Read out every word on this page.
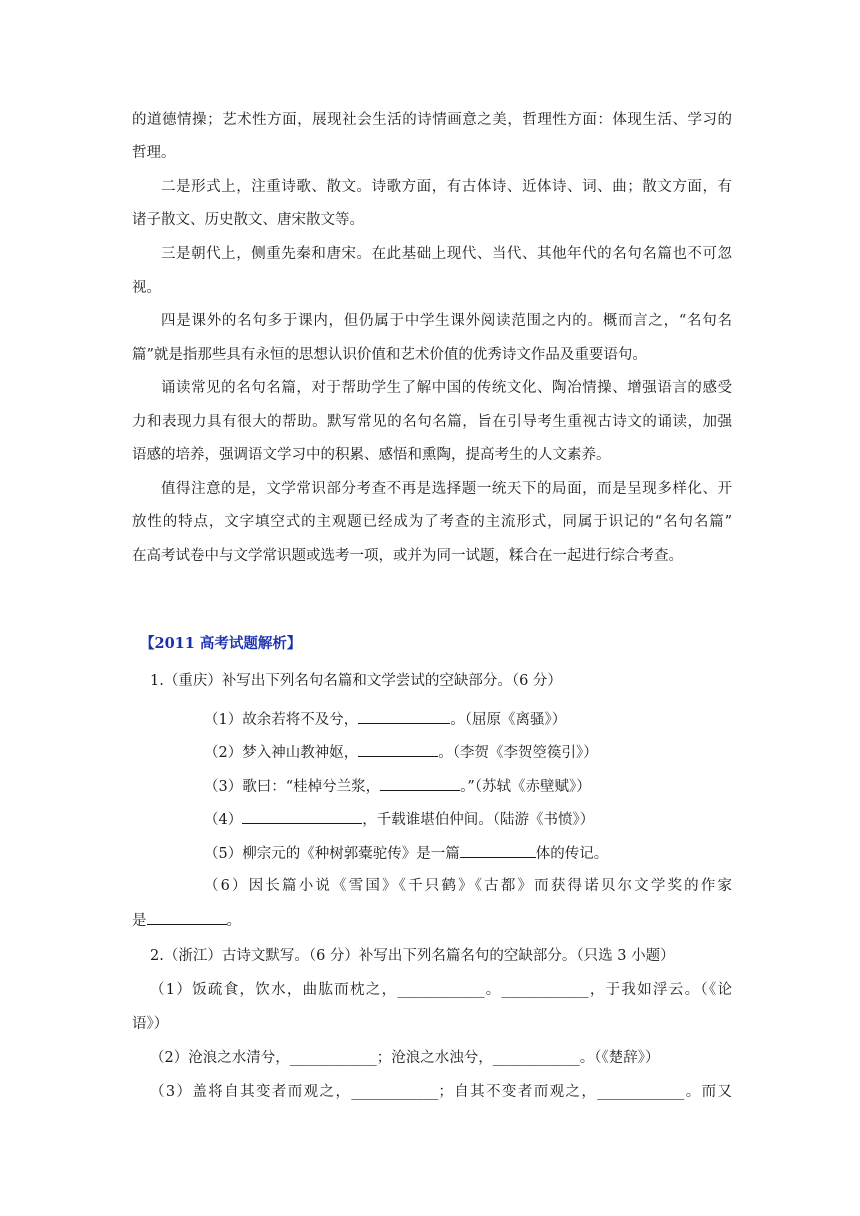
的道德情操；艺术性方面，展现社会生活的诗情画意之美，哲理性方面：体现生活、学习的
哲理。
二是形式上，注重诗歌、散文。诗歌方面，有古体诗、近体诗、词、曲；散文方面，有
诸子散文、历史散文、唐宋散文等。
三是朝代上，侧重先秦和唐宋。在此基础上现代、当代、其他年代的名句名篇也不可忽
视。
四是课外的名句多于课内，但仍属于中学生课外阅读范围之内的。概而言之，“名句名
篇”就是指那些具有永恒的思想认识价值和艺术价值的优秀诗文作品及重要语句。
诵读常见的名句名篇，对于帮助学生了解中国的传统文化、陶冶情操、增强语言的感受
力和表现力具有很大的帮助。默写常见的名句名篇，旨在引导考生重视古诗文的诵读，加强
语感的培养，强调语文学习中的积累、感悟和熏陶，提高考生的人文素养。
值得注意的是，文学常识部分考查不再是选择题一统天下的局面，而是呈现多样化、开
放性的特点，文字填空式的主观题已经成为了考查的主流形式，同属于识记的“名句名篇”
在高考试卷中与文学常识题或选考一项，或并为同一试题，糅合在一起进行综合考查。
【2011 高考试题解析】
1.（重庆）补写出下列名句名篇和文学尝试的空缺部分。（6 分）
（1）故余若将不及兮，	。（屈原《离骚》）
（2）梦入神山教神妪，	。（李贺《李贺箜篌引》）
（3）歌曰：“桂棹兮兰浆，	。”（苏轼《赤壁赋》）
（4）	，千载谁堪伯仲间。（陆游《书愤》）
（5）柳宗元的《种树郭橐驼传》是一篇	体的传记。
（6）因长篇小说《雪国》《千只鹤》《古都》而获得诺贝尔文学奖的作家
是	。
2.（浙江）古诗文默写。（6 分）补写出下列名篇名句的空缺部分。（只选 3 小题）
（1）饭疏食，饮水，曲肱而枕之，____________。____________，于我如浮云。（《论
语》）
（2）沧浪之水清兮，____________；沧浪之水浊兮，____________。（《楚辞》）
（3）盖将自其变者而观之，____________；自其不变者而观之，____________。而又
